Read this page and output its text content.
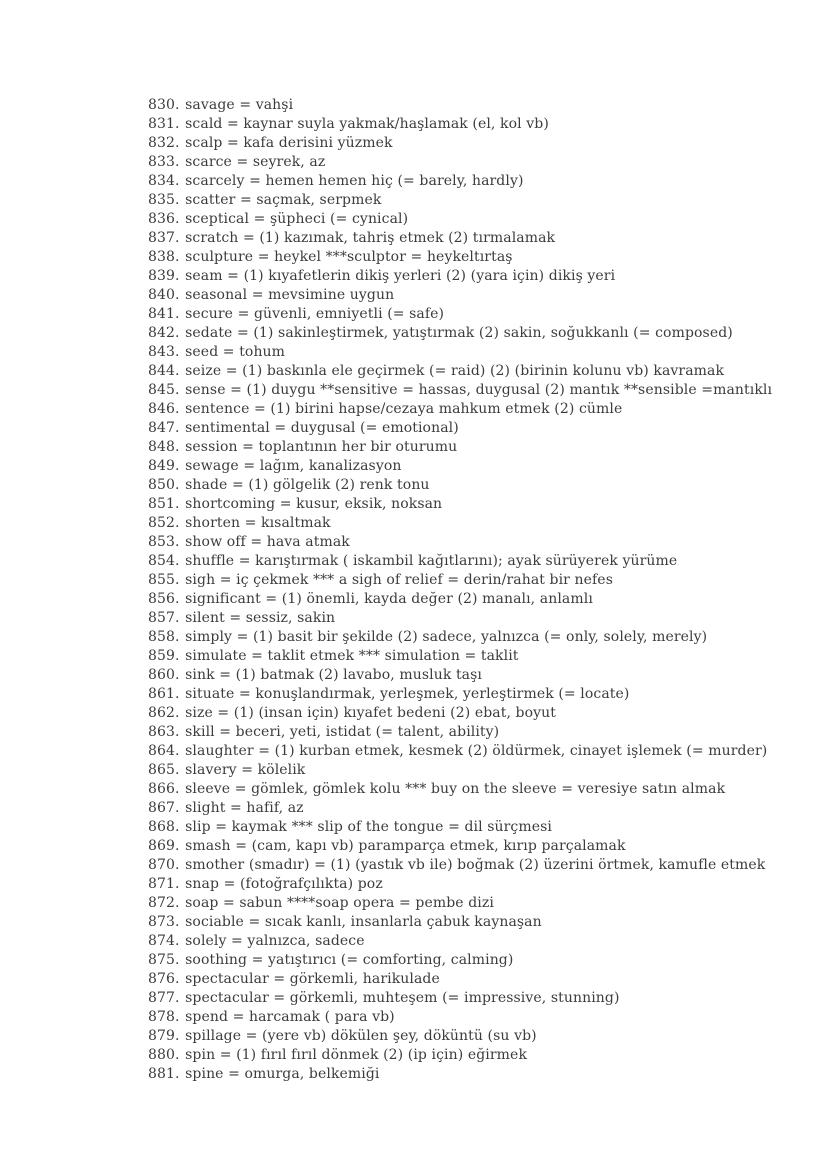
830. savage = vahşi
831. scald = kaynar suyla yakmak/haşlamak (el, kol vb)
832. scalp = kafa derisini yüzmek
833. scarce = seyrek, az
834. scarcely = hemen hemen hiç (= barely, hardly)
835. scatter = saçmak, serpmek
836. sceptical = şüpheci (= cynical)
837. scratch = (1) kazımak, tahriş etmek (2) tırmalamak
838. sculpture = heykel ***sculptor = heykeltırtaş
839. seam = (1) kıyafetlerin dikiş yerleri (2) (yara için) dikiş yeri
840. seasonal = mevsimine uygun
841. secure = güvenli, emniyetli (= safe)
842. sedate = (1) sakinleştirmek, yatıştırmak (2) sakin, soğukkanlı (= composed)
843. seed = tohum
844. seize = (1) baskınla ele geçirmek (= raid) (2) (birinin kolunu vb) kavramak
845. sense = (1) duygu **sensitive = hassas, duygusal (2) mantık **sensible =mantıklı
846. sentence = (1) birini hapse/cezaya mahkum etmek (2) cümle
847. sentimental = duygusal (= emotional)
848. session = toplantının her bir oturumu
849. sewage = lağım, kanalizasyon
850. shade = (1) gölgelik (2) renk tonu
851. shortcoming = kusur, eksik, noksan
852. shorten = kısaltmak
853. show off = hava atmak
854. shuffle = karıştırmak ( iskambil kağıtlarını); ayak sürüyerek yürüme
855. sigh = iç çekmek *** a sigh of relief = derin/rahat bir nefes
856. significant = (1) önemli, kayda değer (2) manalı, anlamlı
857. silent = sessiz, sakin
858. simply = (1) basit bir şekilde (2) sadece, yalnızca (= only, solely, merely)
859. simulate = taklit etmek *** simulation = taklit
860. sink = (1) batmak (2) lavabo, musluk taşı
861. situate = konuşlandırmak, yerleşmek, yerleştirmek (= locate)
862. size = (1) (insan için) kıyafet bedeni (2) ebat, boyut
863. skill = beceri, yeti, istidat (= talent, ability)
864. slaughter = (1) kurban etmek, kesmek (2) öldürmek, cinayet işlemek (= murder)
865. slavery = kölelik
866. sleeve = gömlek, gömlek kolu *** buy on the sleeve = veresiye satın almak
867. slight = hafif, az
868. slip = kaymak *** slip of the tongue = dil sürçmesi
869. smash = (cam, kapı vb) paramparça etmek, kırıp parçalamak
870. smother (smadır) = (1) (yastık vb ile) boğmak (2) üzerini örtmek, kamufle etmek
871. snap = (fotoğrafçılıkta) poz
872. soap = sabun ****soap opera = pembe dizi
873. sociable = sıcak kanlı, insanlarla çabuk kaynaşan
874. solely = yalnızca, sadece
875. soothing = yatıştırıcı (= comforting, calming)
876. spectacular = görkemli, harikulade
877. spectacular = görkemli, muhteşem (= impressive, stunning)
878. spend = harcamak ( para vb)
879. spillage = (yere vb) dökülen şey, döküntü (su vb)
880. spin = (1) fırıl fırıl dönmek (2) (ip için) eğirmek
881. spine = omurga, belkemiği
